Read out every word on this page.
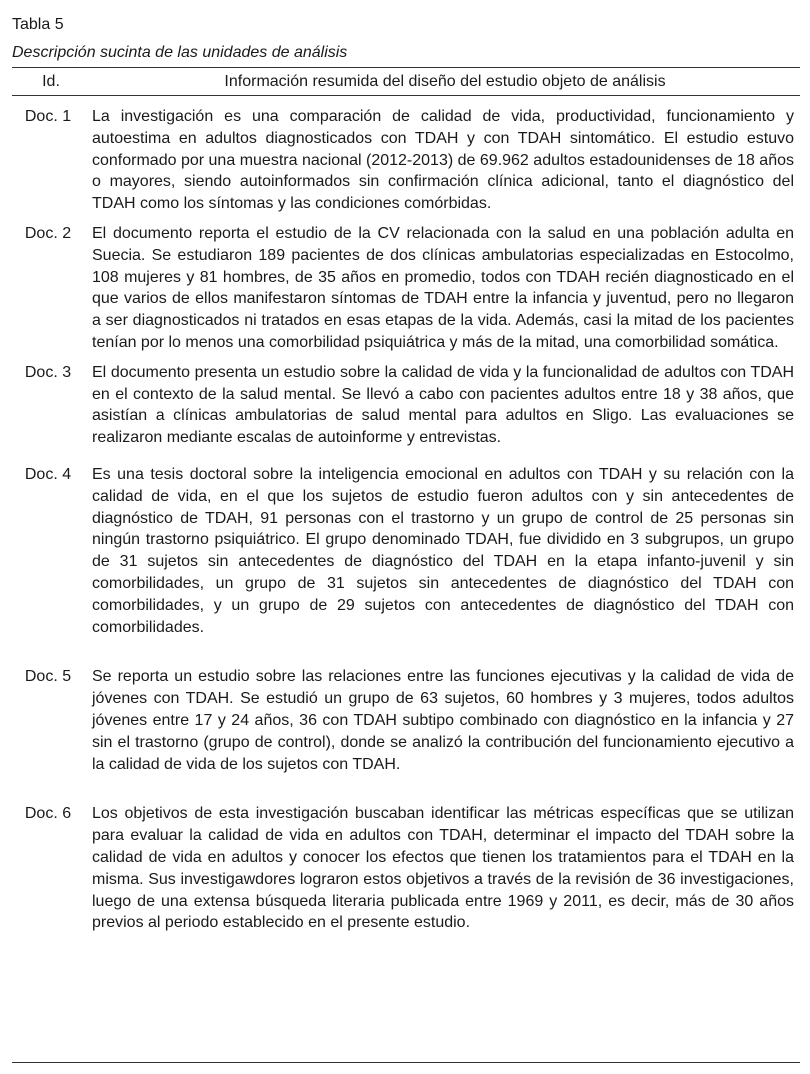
Tabla 5
Descripción sucinta de las unidades de análisis
Id.	Información resumida del diseño del estudio objeto de análisis
Doc. 1	La investigación es una comparación de calidad de vida, productividad, funcionamiento y autoestima en adultos diagnosticados con TDAH y con TDAH sintomático. El estudio estuvo conformado por una muestra nacional (2012-2013) de 69.962 adultos estadounidenses de 18 años o mayores, siendo autoinformados sin confirmación clínica adicional, tanto el diagnóstico del TDAH como los síntomas y las condiciones comórbidas.
Doc. 2	El documento reporta el estudio de la CV relacionada con la salud en una población adulta en Suecia. Se estudiaron 189 pacientes de dos clínicas ambulatorias especializadas en Estocolmo, 108 mujeres y 81 hombres, de 35 años en promedio, todos con TDAH recién diagnosticado en el que varios de ellos manifestaron síntomas de TDAH entre la infancia y juventud, pero no llegaron a ser diagnosticados ni tratados en esas etapas de la vida. Además, casi la mitad de los pacientes tenían por lo menos una comorbilidad psiquiátrica y más de la mitad, una comorbilidad somática.
Doc. 3	El documento presenta un estudio sobre la calidad de vida y la funcionalidad de adultos con TDAH en el contexto de la salud mental. Se llevó a cabo con pacientes adultos entre 18 y 38 años, que asistían a clínicas ambulatorias de salud mental para adultos en Sligo. Las evaluaciones se realizaron mediante escalas de autoinforme y entrevistas.
Doc. 4	Es una tesis doctoral sobre la inteligencia emocional en adultos con TDAH y su relación con la calidad de vida, en el que los sujetos de estudio fueron adultos con y sin antecedentes de diagnóstico de TDAH, 91 personas con el trastorno y un grupo de control de 25 personas sin ningún trastorno psiquiátrico. El grupo denominado TDAH, fue dividido en 3 subgrupos, un grupo de 31 sujetos sin antecedentes de diagnóstico del TDAH en la etapa infanto-juvenil y sin comorbilidades, un grupo de 31 sujetos sin antecedentes de diagnóstico del TDAH con comorbilidades, y un grupo de 29 sujetos con antecedentes de diagnóstico del TDAH con comorbilidades.
Doc. 5	Se reporta un estudio sobre las relaciones entre las funciones ejecutivas y la calidad de vida de jóvenes con TDAH. Se estudió un grupo de 63 sujetos, 60 hombres y 3 mujeres, todos adultos jóvenes entre 17 y 24 años, 36 con TDAH subtipo combinado con diagnóstico en la infancia y 27 sin el trastorno (grupo de control), donde se analizó la contribución del funcionamiento ejecutivo a la calidad de vida de los sujetos con TDAH.
Doc. 6	Los objetivos de esta investigación buscaban identificar las métricas específicas que se utilizan para evaluar la calidad de vida en adultos con TDAH, determinar el impacto del TDAH sobre la calidad de vida en adultos y conocer los efectos que tienen los tratamientos para el TDAH en la misma. Sus investigawdores lograron estos objetivos a través de la revisión de 36 investigaciones, luego de una extensa búsqueda literaria publicada entre 1969 y 2011, es decir, más de 30 años previos al periodo establecido en el presente estudio.
